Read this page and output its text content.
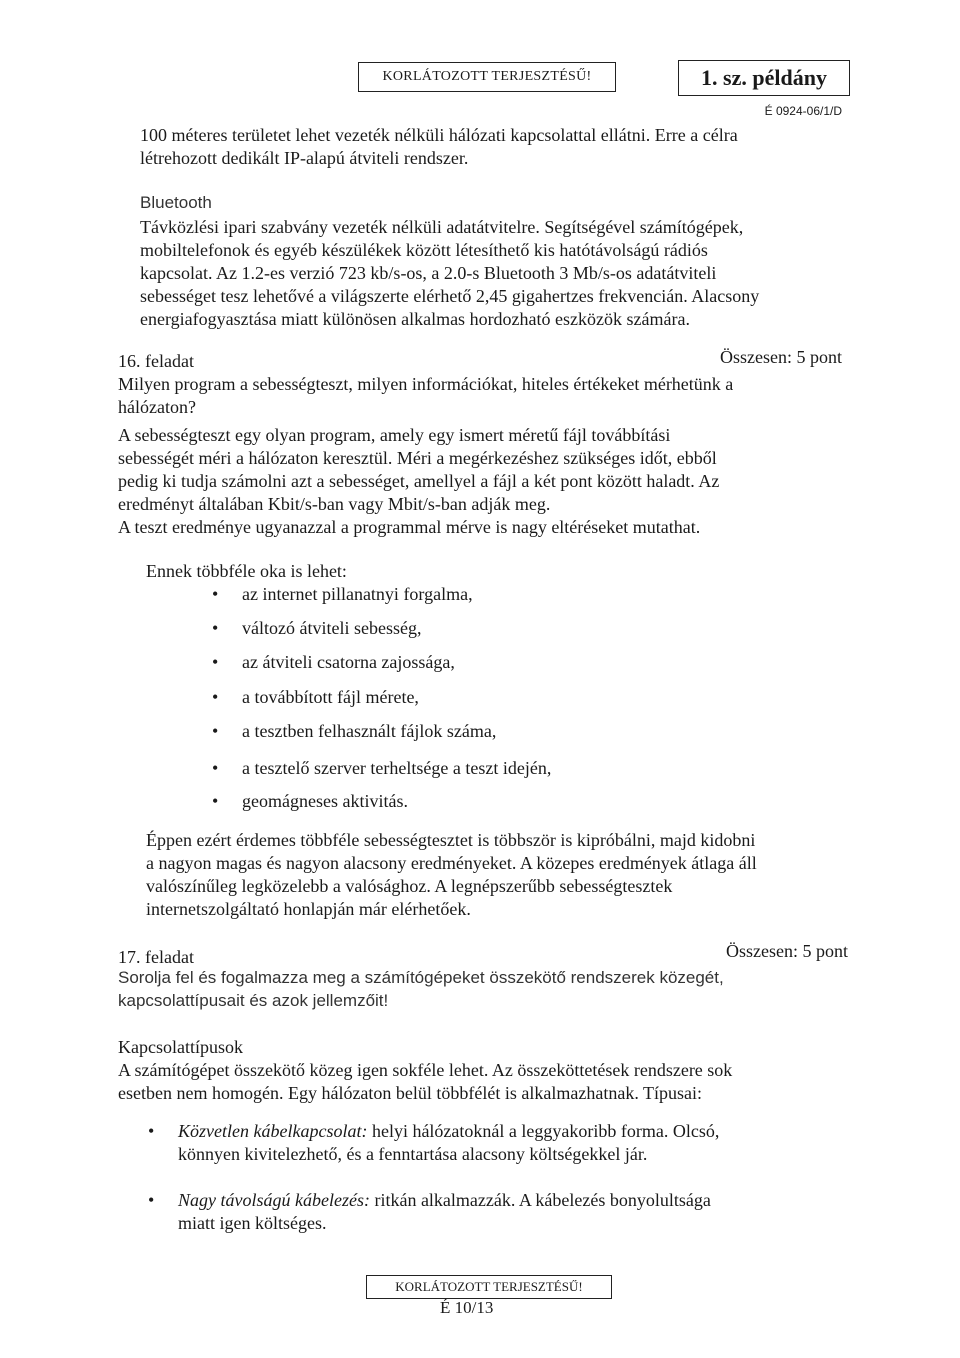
KORLÁTOZOTT TERJESZTÉSŰ!	1. sz. példány
É 0924-06/1/D
100 méteres területet lehet vezeték nélküli hálózati kapcsolattal ellátni. Erre a célra
létrehozott dedikált IP-alapú átviteli rendszer.
Bluetooth
Távközlési ipari szabvány vezeték nélküli adatátvitelre. Segítségével számítógépek,
mobiltelefonok és egyéb készülékek között létesíthető kis hatótávolságú rádiós
kapcsolat. Az 1.2-es verzió 723 kb/s-os, a 2.0-s Bluetooth 3 Mb/s-os adatátviteli
sebességet tesz lehetővé a világszerte elérhető 2,45 gigahertzes frekvencián. Alacsony
energiafogyasztása miatt különösen alkalmas hordozható eszközök számára.
16. feladat	Összesen: 5 pont
Milyen program a sebességteszt, milyen információkat, hiteles értékeket mérhetünk a
hálózaton?
A sebességteszt egy olyan program, amely egy ismert méretű fájl továbbítási
sebességét méri a hálózaton keresztül. Méri a megérkezéshez szükséges időt, ebből
pedig ki tudja számolni azt a sebességet, amellyel a fájl a két pont között haladt. Az
eredményt általában Kbit/s-ban vagy Mbit/s-ban adják meg.
A teszt eredménye ugyanazzal a programmal mérve is nagy eltéréseket mutathat.
Ennek többféle oka is lehet:
• az internet pillanatnyi forgalma,
• változó átviteli sebesség,
• az átviteli csatorna zajossága,
• a továbbított fájl mérete,
• a tesztben felhasznált fájlok száma,
• a tesztelő szerver terheltsége a teszt idején,
• geomágneses aktivitás.
Éppen ezért érdemes többféle sebességtesztet is többször is kipróbálni, majd kidobni
a nagyon magas és nagyon alacsony eredményeket. A közepes eredmények átlaga áll
valószínűleg legközelebb a valósághoz. A legnépszerűbb sebességtesztek
internetszolgáltató honlapján már elérhetőek.
17. feladat	Összesen: 5 pont
Sorolja fel és fogalmazza meg a számítógépeket összekötő rendszerek közegét,
kapcsolattípusait és azok jellemzőit!
Kapcsolattípusok
A számítógépet összekötő közeg igen sokféle lehet. Az összeköttetések rendszere sok
esetben nem homogén. Egy hálózaton belül többfélét is alkalmazhatnak. Típusai:
• Közvetlen kábelkapcsolat: helyi hálózatoknál a leggyakoribb forma. Olcsó,
könnyen kivitelezhető, és a fenntartása alacsony költségekkel jár.
• Nagy távolságú kábelezés: ritkán alkalmazzák. A kábelezés bonyolultsága
miatt igen költséges.
KORLÁTOZOTT TERJESZTÉSŰ!
É 10/13
